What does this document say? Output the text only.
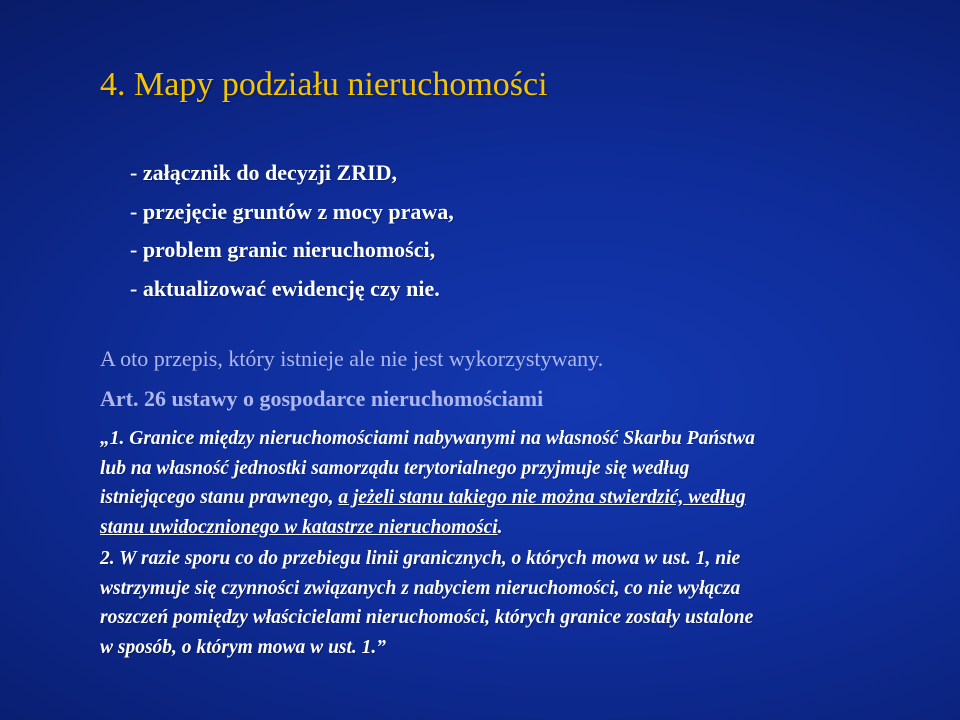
4. Mapy podziału nieruchomości
- załącznik do decyzji ZRID,
- przejęcie gruntów z mocy prawa,
- problem granic nieruchomości,
- aktualizować ewidencję czy nie.
A oto przepis, który istnieje ale nie jest wykorzystywany.
Art. 26 ustawy o gospodarce nieruchomościami
„1. Granice między nieruchomościami nabywanymi na własność Skarbu Państwa
lub na własność jednostki samorządu terytorialnego przyjmuje się według
istniejącego stanu prawnego, a jeżeli stanu takiego nie można stwierdzić, według
stanu uwidocznionego w katastrze nieruchomości.
2. W razie sporu co do przebiegu linii granicznych, o których mowa w ust. 1, nie
wstrzymuje się czynności związanych z nabyciem nieruchomości, co nie wyłącza
roszczeń pomiędzy właścicielami nieruchomości, których granice zostały ustalone
w sposób, o którym mowa w ust. 1.”
